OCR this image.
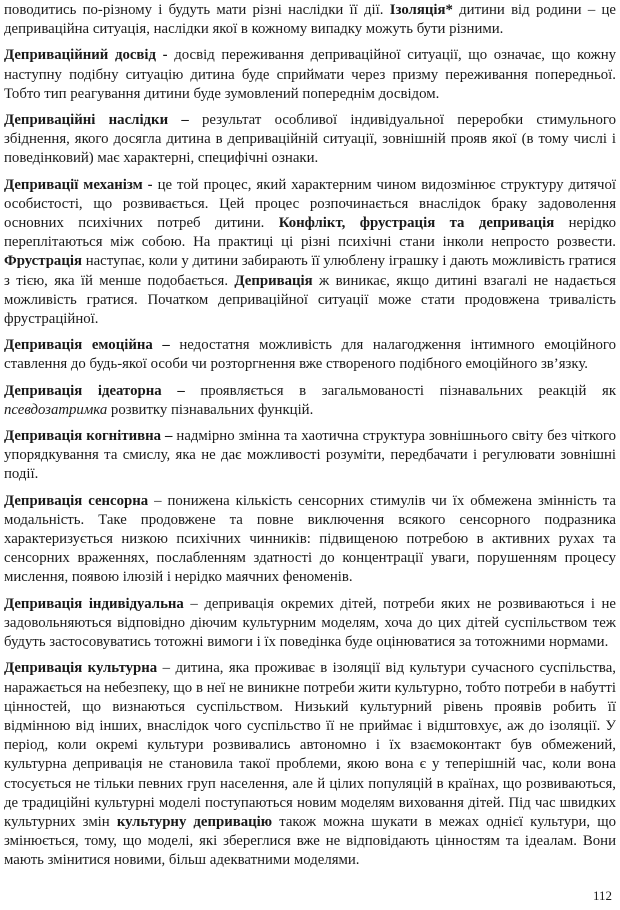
поводитись по-різному і будуть мати різні наслідки її дії. Ізоляція* дитини від родини – це депривацiйна ситуація, наслідки якої в кожному випадку можуть бути різними.

Депривацiйний досвід - досвід переживання депривацiйної ситуації, що означає, що кожну наступну подібну ситуацію дитина буде сприймати через призму переживання попередньої. Тобто тип реагування дитини буде зумовлений попереднім досвідом.

Депривацiйні наслідки – результат особливої індивідуальної переробки стимульного збіднення, якого досягла дитина в депривацiйній ситуації, зовнішній прояв якої (в тому числі і поведінковий) має характерні, специфічні ознаки.

Депривації механізм - це той процес, який характерним чином видозмінює структуру дитячої особистості, що розвивається. Цей процес розпочинається внаслідок браку задоволення основних психічних потреб дитини. Конфлікт, фрустрація та депривація нерідко переплітаються між собою. На практиці ці різні психічні стани інколи непросто розвести. Фрустрація наступає, коли у дитини забирають її улюблену іграшку і дають можливість гратися з тією, яка їй менше подобається. Депривація ж виникає, якщо дитині взагалі не надається можливість гратися. Початком депривацiйної ситуації може стати продовжена тривалість фрустраційної.

Депривація емоційна – недостатня можливість для налагодження інтимного емоційного ставлення до будь-якої особи чи розторгнення вже створеного подібного емоційного зв’язку.

Депривація ідеаторна – проявляється в загальмованості пізнавальних реакцій як псевдозатримка розвитку пізнавальних функцій.

Депривація когнітивна – надмірно змінна та хаотична структура зовнішнього світу без чіткого упорядкування та смислу, яка не дає можливості розуміти, передбачати і регулювати зовнішні події.

Депривація сенсорна – понижена кількість сенсорних стимулів чи їх обмежена змінність та модальність. Таке продовжене та повне виключення всякого сенсорного подразника характеризується низкою психічних чинників: підвищеною потребою в активних рухах та сенсорних враженнях, послабленням здатності до концентрації уваги, порушенням процесу мислення, появою ілюзій і нерідко маячних феноменів.

Депривація індивідуальна – депривація окремих дітей, потреби яких не розвиваються і не задовольняються відповідно діючим культурним моделям, хоча до цих дітей суспільством теж будуть застосовуватись тотожні вимоги і їх поведінка буде оцінюватися за тотожними нормами.

Депривація культурна – дитина, яка проживає в ізоляції від культури сучасного суспільства, наражається на небезпеку, що в неї не виникне потреби жити культурно, тобто потреби в набутті цінностей, що визнаються суспільством. Низький культурний рівень проявів робить її відмінною від інших, внаслідок чого суспільство її не приймає і відштовхує, аж до ізоляції. У період, коли окремі культури розвивались автономно і їх взаємоконтакт був обмежений, культурна депривація не становила такої проблеми, якою вона є у теперішній час, коли вона стосується не тільки певних груп населення, але й цілих популяцій в країнах, що розвиваються, де традиційні культурні моделі поступаються новим моделям виховання дітей. Під час швидких культурних змін культурну депривацію також можна шукати в межах однієї культури, що змінюється, тому, що моделі, які збереглися вже не відповідають цінностям та ідеалам. Вони мають змінитися новими, більш адекватними моделями.

112
